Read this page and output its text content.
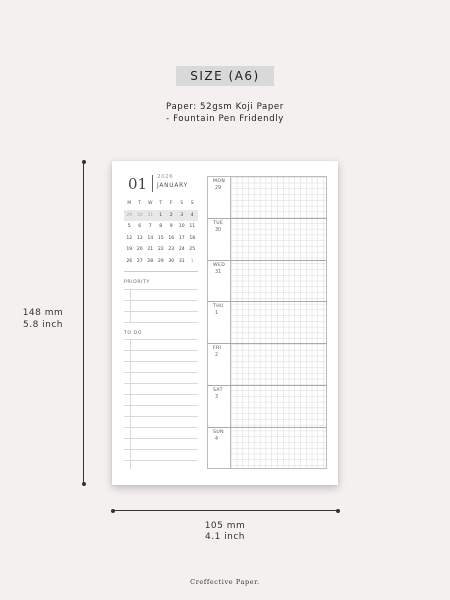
SIZE (A6)
Paper: 52gsm Koji Paper
- Fountain Pen Fridendly
148 mm
5.8 inch
105 mm
4.1 inch
01 2026
JANUARY
M	T	W	T	F	S	S
29	30	31	1	2	3	4
5	6	7	8	9	10	11
12	13	14	15	16	17	18
19	20	21	22	23	24	25
26	27	28	29	30	31	1
PRIORITY
TO DO
MON
29
TUE
30
WED
31
THU
1
FRI
2
SAT
3
SUN
4
Creffective Paper.
